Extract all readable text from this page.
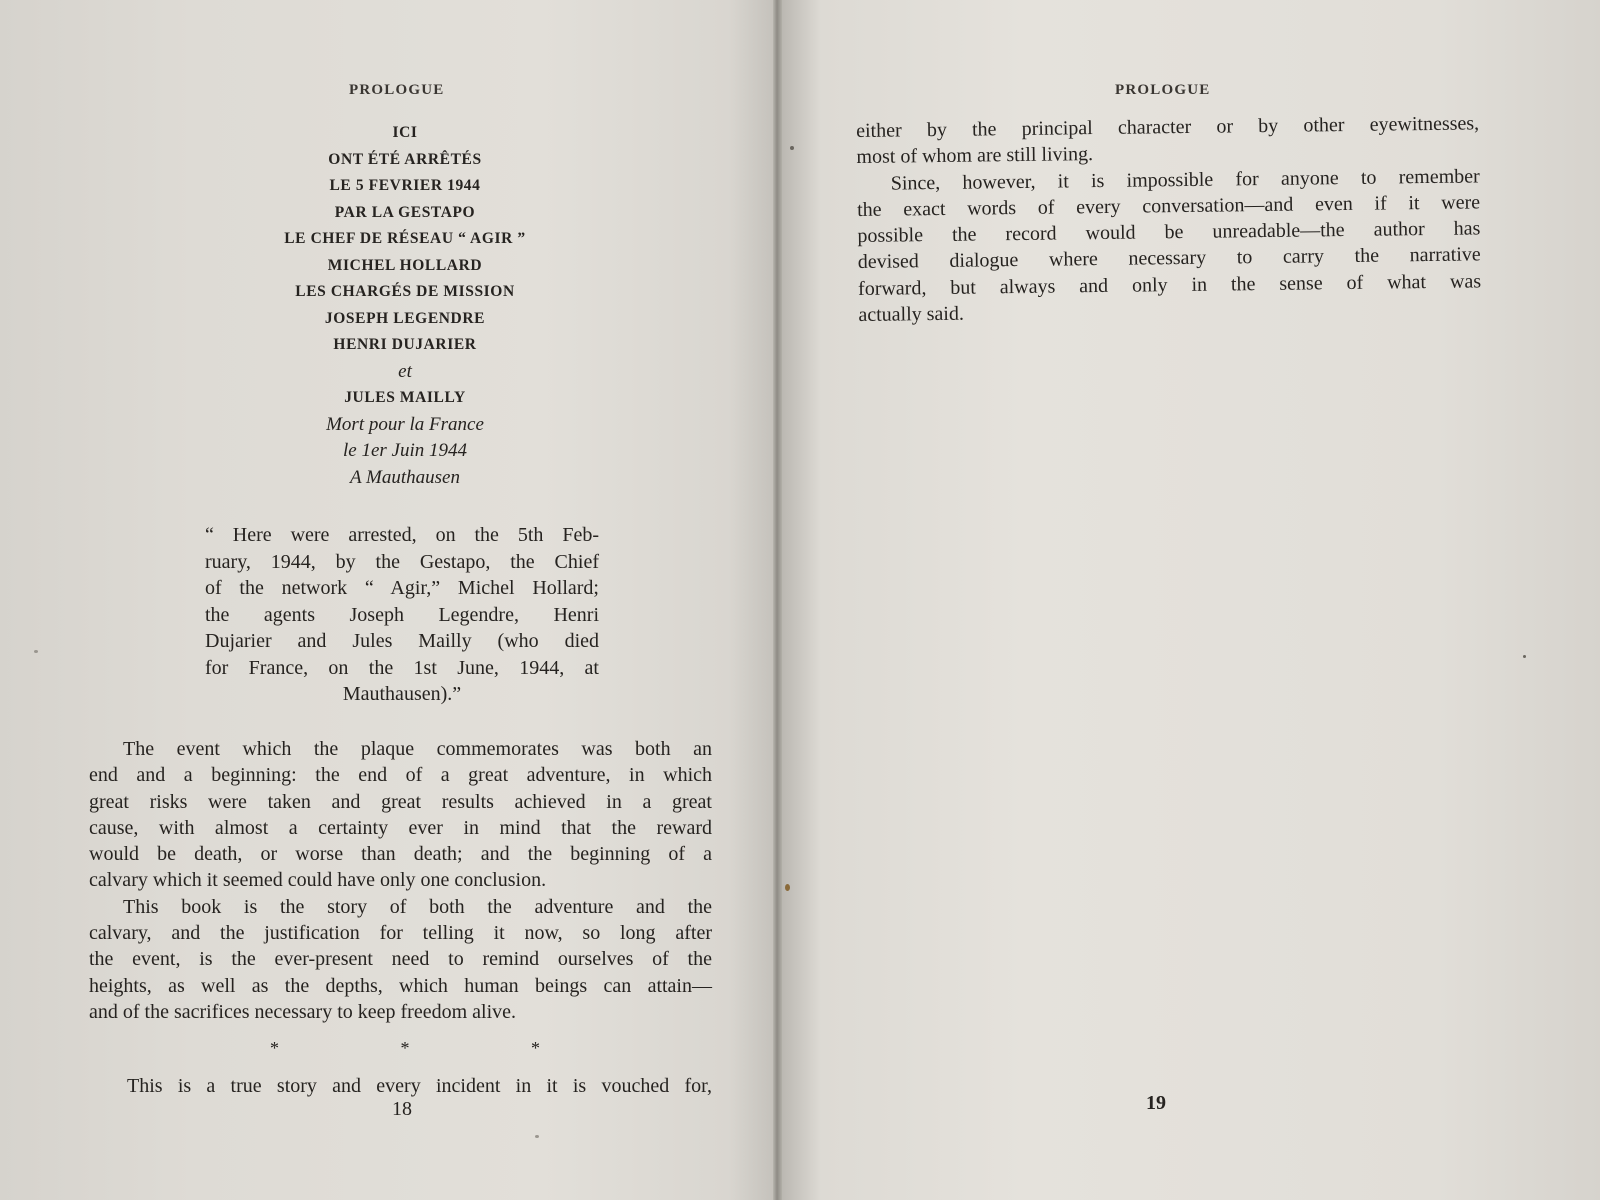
PROLOGUE	PROLOGUE
ICI
ONT ÉTÉ ARRÊTÉS
LE 5 FEVRIER 1944
PAR LA GESTAPO
LE CHEF DE RÉSEAU “ AGIR ”
MICHEL HOLLARD
LES CHARGÉS DE MISSION
JOSEPH LEGENDRE
HENRI DUJARIER
et
JULES MAILLY
Mort pour la France
le 1er Juin 1944
A Mauthausen
“ Here were arrested, on the 5th Feb-
ruary, 1944, by the Gestapo, the Chief
of the network “ Agir,” Michel Hollard;
the agents Joseph Legendre, Henri
Dujarier and Jules Mailly (who died
for France, on the 1st June, 1944, at
Mauthausen).”
The event which the plaque commemorates was both an
end and a beginning: the end of a great adventure, in which
great risks were taken and great results achieved in a great
cause, with almost a certainty ever in mind that the reward
would be death, or worse than death; and the beginning of a
calvary which it seemed could have only one conclusion.
This book is the story of both the adventure and the
calvary, and the justification for telling it now, so long after
the event, is the ever-present need to remind ourselves of the
heights, as well as the depths, which human beings can attain—
and of the sacrifices necessary to keep freedom alive.
*	*	*
This is a true story and every incident in it is vouched for,
18
either by the principal character or by other eyewitnesses,
most of whom are still living.
Since, however, it is impossible for anyone to remember
the exact words of every conversation—and even if it were
possible the record would be unreadable—the author has
devised dialogue where necessary to carry the narrative
forward, but always and only in the sense of what was
actually said.
19
